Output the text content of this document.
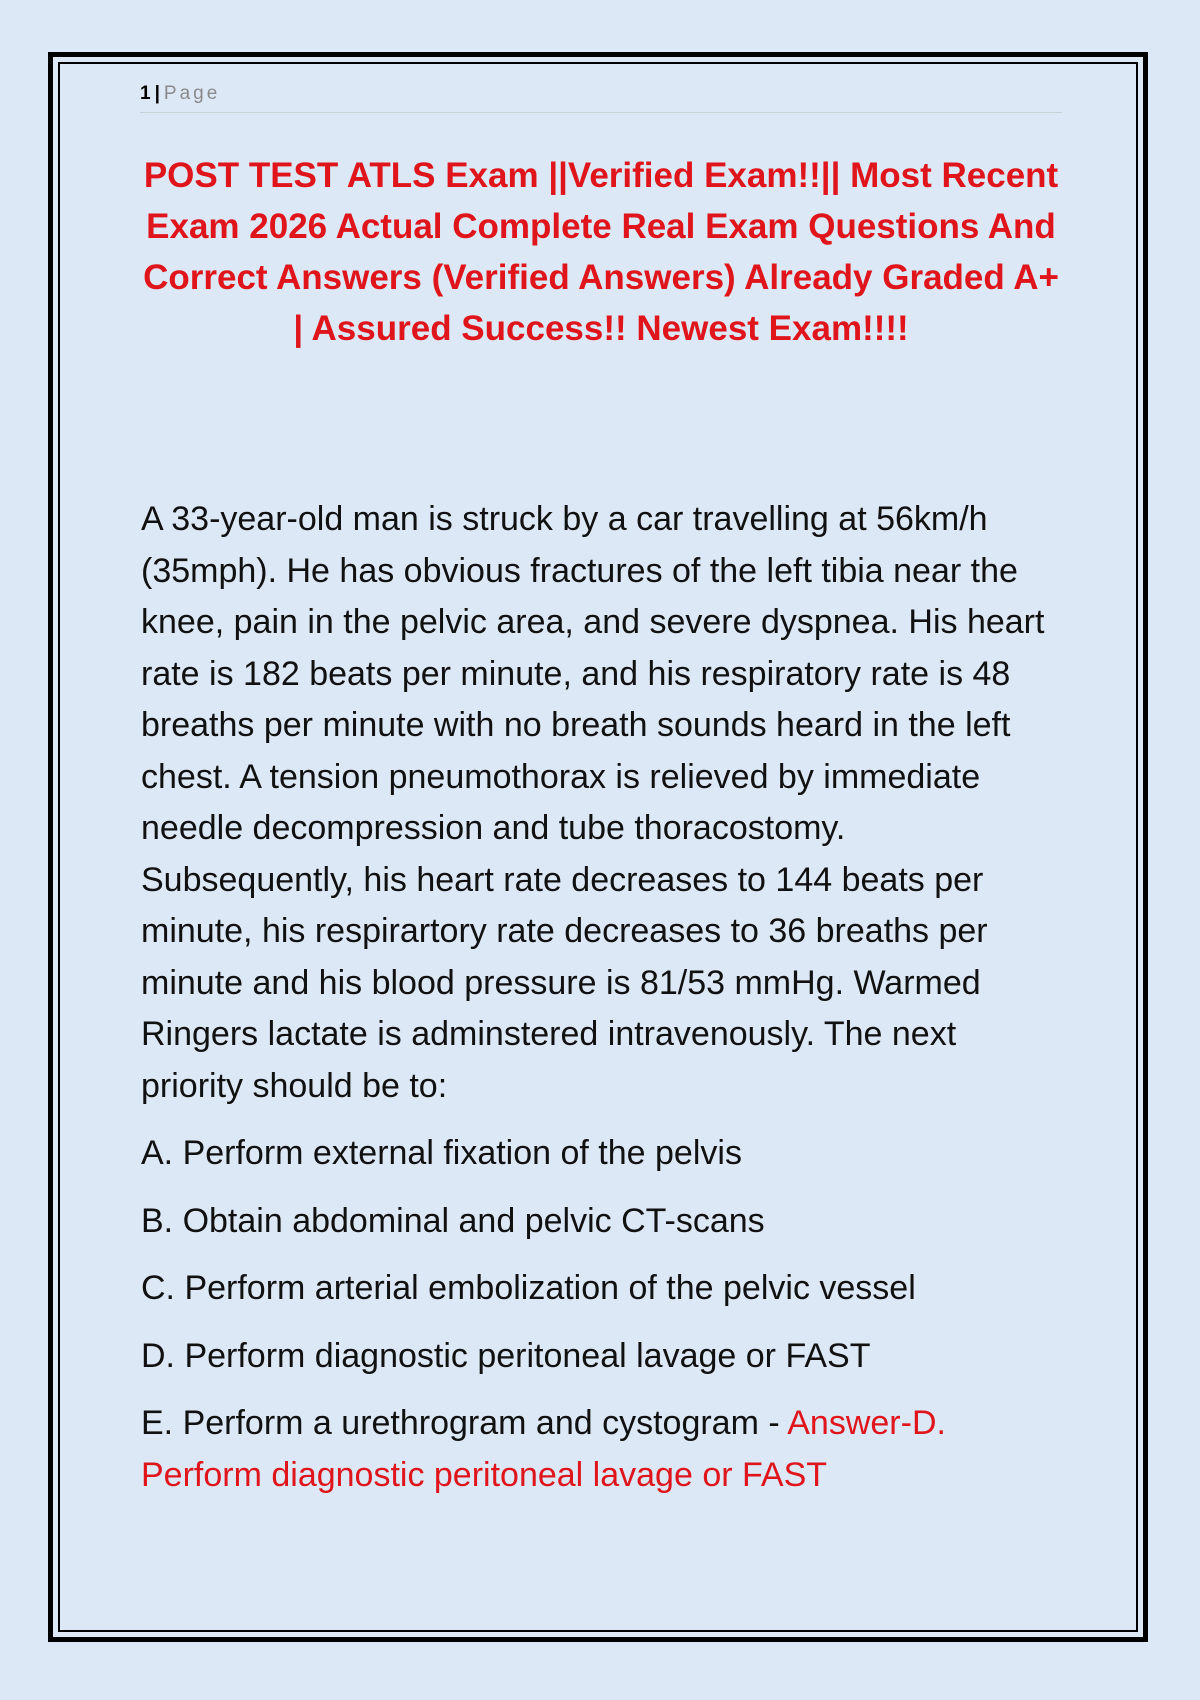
1 | Page
POST TEST ATLS Exam ||Verified Exam!!|| Most Recent Exam 2026 Actual Complete Real Exam Questions And Correct Answers (Verified Answers) Already Graded A+ | Assured Success!! Newest Exam!!!!
A 33-year-old man is struck by a car travelling at 56km/h (35mph). He has obvious fractures of the left tibia near the knee, pain in the pelvic area, and severe dyspnea. His heart rate is 182 beats per minute, and his respiratory rate is 48 breaths per minute with no breath sounds heard in the left chest. A tension pneumothorax is relieved by immediate needle decompression and tube thoracostomy. Subsequently, his heart rate decreases to 144 beats per minute, his respirartory rate decreases to 36 breaths per minute and his blood pressure is 81/53 mmHg. Warmed Ringers lactate is adminstered intravenously. The next priority should be to:
A. Perform external fixation of the pelvis
B. Obtain abdominal and pelvic CT-scans
C. Perform arterial embolization of the pelvic vessel
D. Perform diagnostic peritoneal lavage or FAST
E. Perform a urethrogram and cystogram - Answer-D. Perform diagnostic peritoneal lavage or FAST
